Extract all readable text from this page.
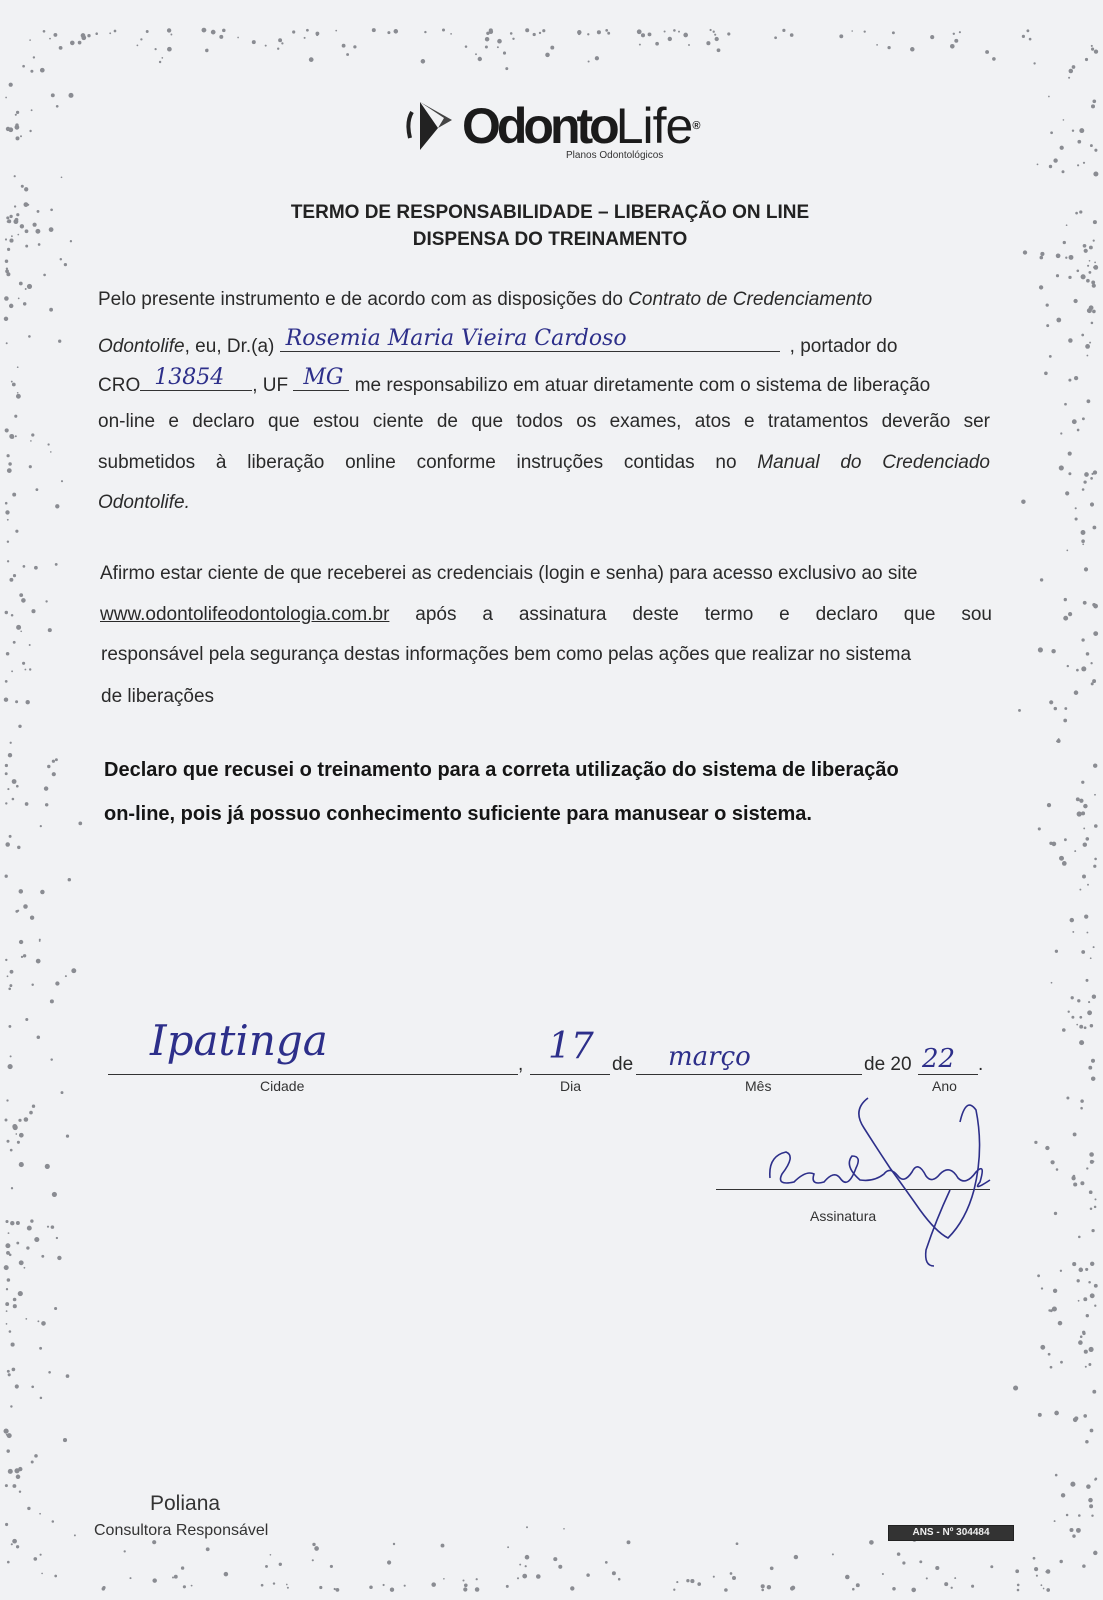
OdontoLife®
Planos Odontológicos
TERMO DE RESPONSABILIDADE – LIBERAÇÃO ON LINE
DISPENSA DO TREINAMENTO
Pelo presente instrumento e de acordo com as disposições do Contrato de Credenciamento
Odontolife, eu, Dr.(a) Rosemia Maria Vieira Cardoso	, portador do
CRO 13854 , UF MG me responsabilizo em atuar diretamente com o sistema de liberação
on-line e declaro que estou ciente de que todos os exames, atos e tratamentos deverão ser
submetidos à liberação online conforme instruções contidas no Manual do Credenciado
Odontolife.
Afirmo estar ciente de que receberei as credenciais (login e senha) para acesso exclusivo ao site
www.odontolifeodontologia.com.br após a assinatura deste termo e declaro que sou
responsável pela segurança destas informações bem como pelas ações que realizar no sistema
de liberações
Declaro que recusei o treinamento para a correta utilização do sistema de liberação
on-line, pois já possuo conhecimento suficiente para manusear o sistema.
Ipatinga
Cidade
, 17
Dia
de março
Mês
de 20 22 .
Ano
Assinatura
Poliana
Consultora Responsável	ANS - Nº 304484
